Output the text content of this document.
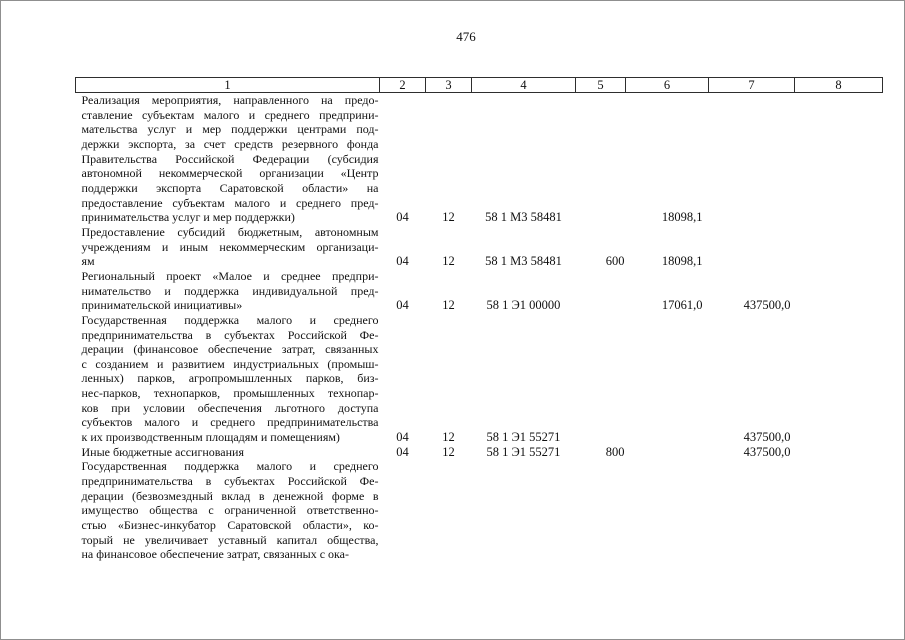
476
1	2	3	4	5	6	7	8

Реализация мероприятия, направленного на предо-
ставление субъектам малого и среднего предприни-
мательства услуг и мер поддержки центрами под-
держки экспорта, за счет средств резервного фонда
Правительства Российской Федерации (субсидия
автономной некоммерческой организации «Центр
поддержки экспорта Саратовской области» на
предоставление субъектам малого и среднего пред-
принимательства услуг и мер поддержки)	04	12	58 1 М3 58481		18098,1		

Предоставление субсидий бюджетным, автономным
учреждениям и иным некоммерческим организаци-
ям	04	12	58 1 М3 58481	600	18098,1		

Региональный проект «Малое и среднее предпри-
нимательство и поддержка индивидуальной пред-
принимательской инициативы»	04	12	58 1 Э1 00000		17061,0	437500,0	

Государственная поддержка малого и среднего
предпринимательства в субъектах Российской Фе-
дерации (финансовое обеспечение затрат, связанных
с созданием и развитием индустриальных (промыш-
ленных) парков, агропромышленных парков, биз-
нес-парков, технопарков, промышленных технопар-
ков при условии обеспечения льготного доступа
субъектов малого и среднего предпринимательства
к их производственным площадям и помещениям)	04	12	58 1 Э1 55271			437500,0	

Иные бюджетные ассигнования	04	12	58 1 Э1 55271	800		437500,0	

Государственная поддержка малого и среднего
предпринимательства в субъектах Российской Фе-
дерации (безвозмездный вклад в денежной форме в
имущество общества с ограниченной ответственно-
стью «Бизнес-инкубатор Саратовской области», ко-
торый не увеличивает уставный капитал общества,
на финансовое обеспечение затрат, связанных с ока-
